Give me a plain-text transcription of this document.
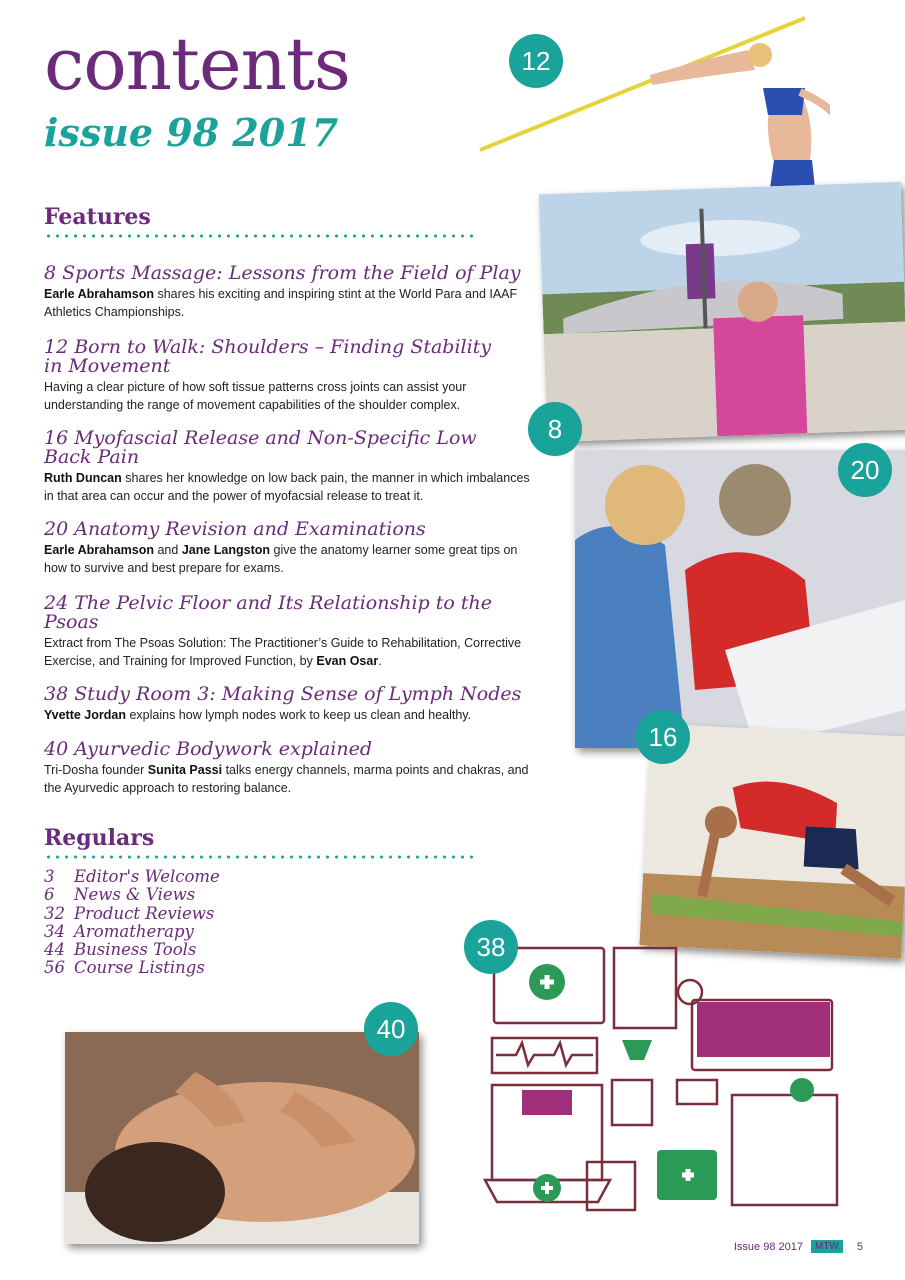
contents
issue 98 2017
Features
8 Sports Massage: Lessons from the Field of Play
Earle Abrahamson shares his exciting and inspiring stint at the World Para and IAAF Athletics Championships.
12 Born to Walk: Shoulders – Finding Stability
in Movement
Having a clear picture of how soft tissue patterns cross joints can assist your understanding the range of movement capabilities of the shoulder complex.
16 Myofascial Release and Non-Specific Low
Back Pain
Ruth Duncan shares her knowledge on low back pain, the manner in which imbalances in that area can occur and the power of myofacsial release to treat it.
20 Anatomy Revision and Examinations
Earle Abrahamson and Jane Langston give the anatomy learner some great tips on how to survive and best prepare for exams.
24 The Pelvic Floor and Its Relationship to the
Psoas
Extract from The Psoas Solution: The Practitioner’s Guide to Rehabilitation, Corrective Exercise, and Training for Improved Function, by Evan Osar.
38 Study Room 3: Making Sense of Lymph Nodes
Yvette Jordan explains how lymph nodes work to keep us clean and healthy.
40 Ayurvedic Bodywork explained
Tri-Dosha founder Sunita Passi talks energy channels, marma points and chakras, and the Ayurvedic approach to restoring balance.
Regulars
3	Editor's Welcome
6	News & Views
32 Product Reviews
34 Aromatherapy
44 Business Tools
56 Course Listings
12
8
20
16
38
40
Issue 98 2017	MTW	5
